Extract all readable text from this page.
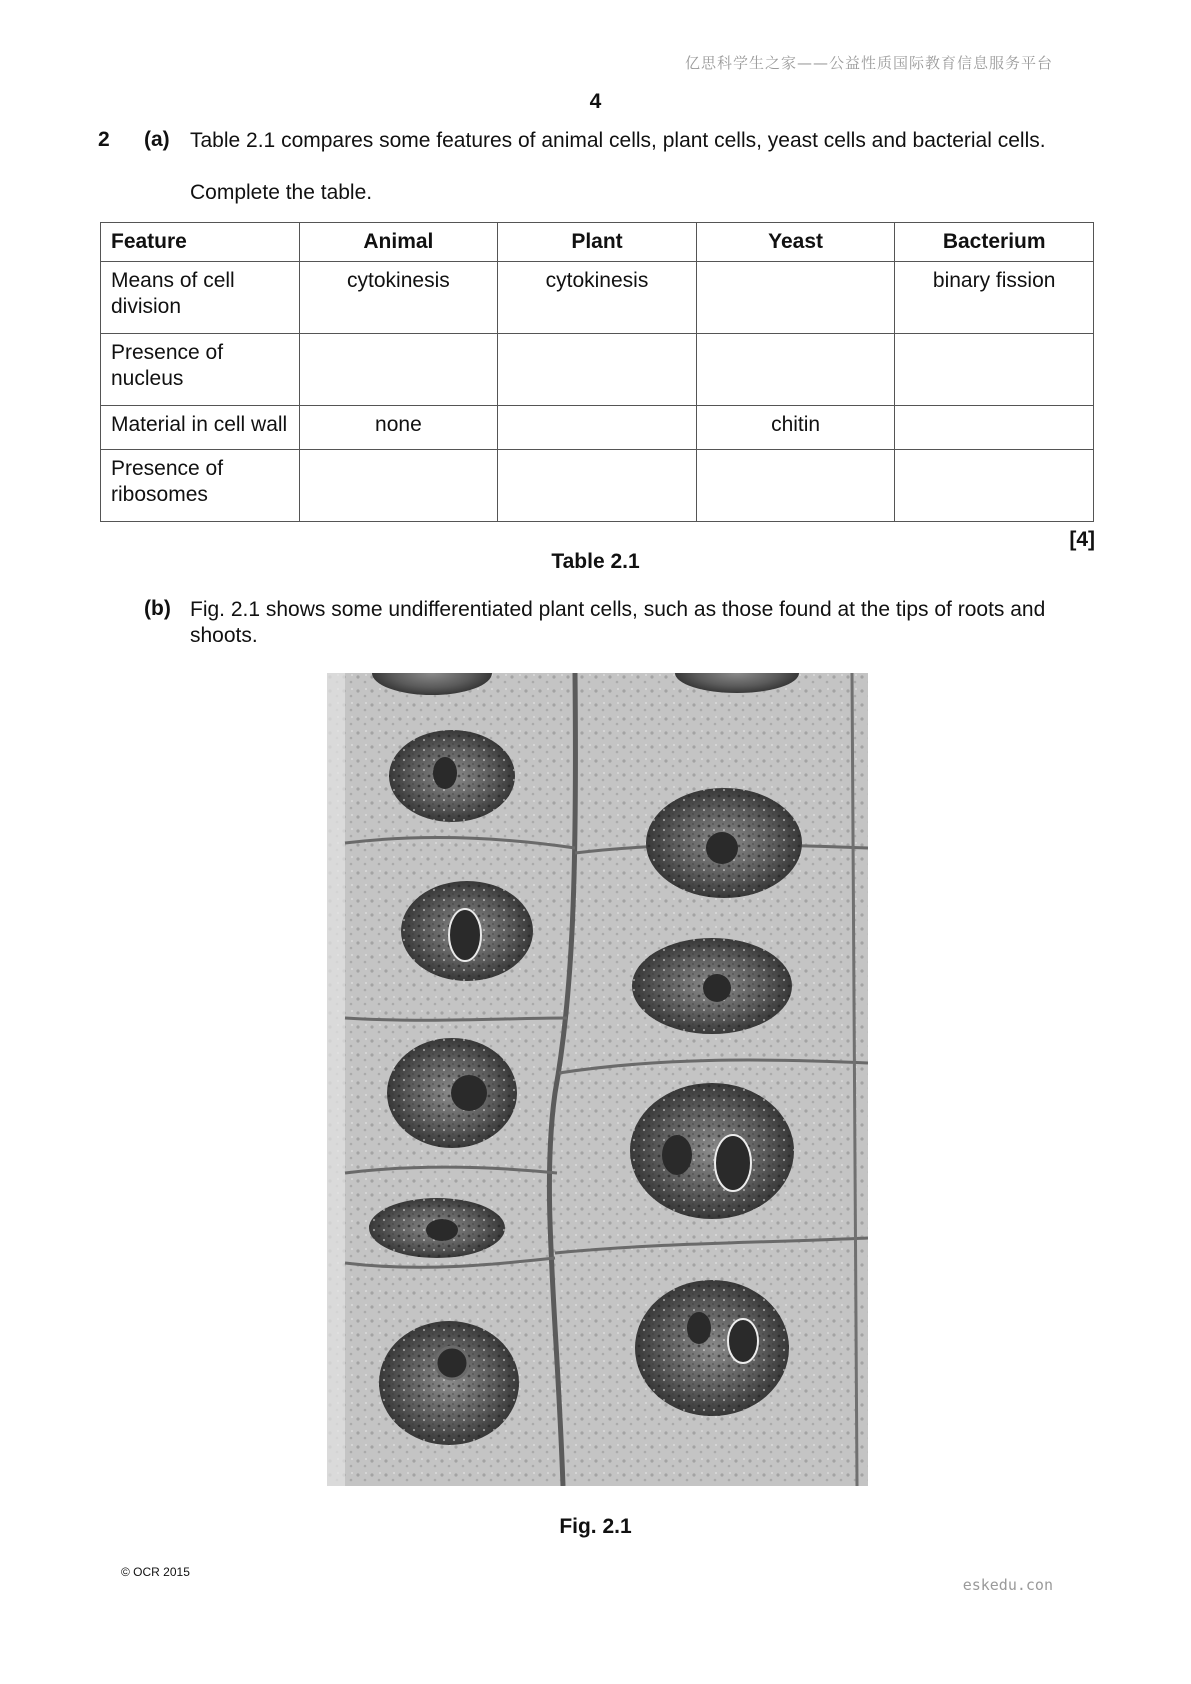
亿思科学生之家——公益性质国际教育信息服务平台
4
2 (a) Table 2.1 compares some features of animal cells, plant cells, yeast cells and bacterial cells.
Complete the table.
Feature	Animal	Plant	Yeast	Bacterium
Means of cell division	cytokinesis	cytokinesis		binary fission
Presence of nucleus				
Material in cell wall	none		chitin	
Presence of ribosomes				
[4]
Table 2.1
(b) Fig. 2.1 shows some undifferentiated plant cells, such as those found at the tips of roots and shoots.
Fig. 2.1
© OCR 2015
eskedu.con
